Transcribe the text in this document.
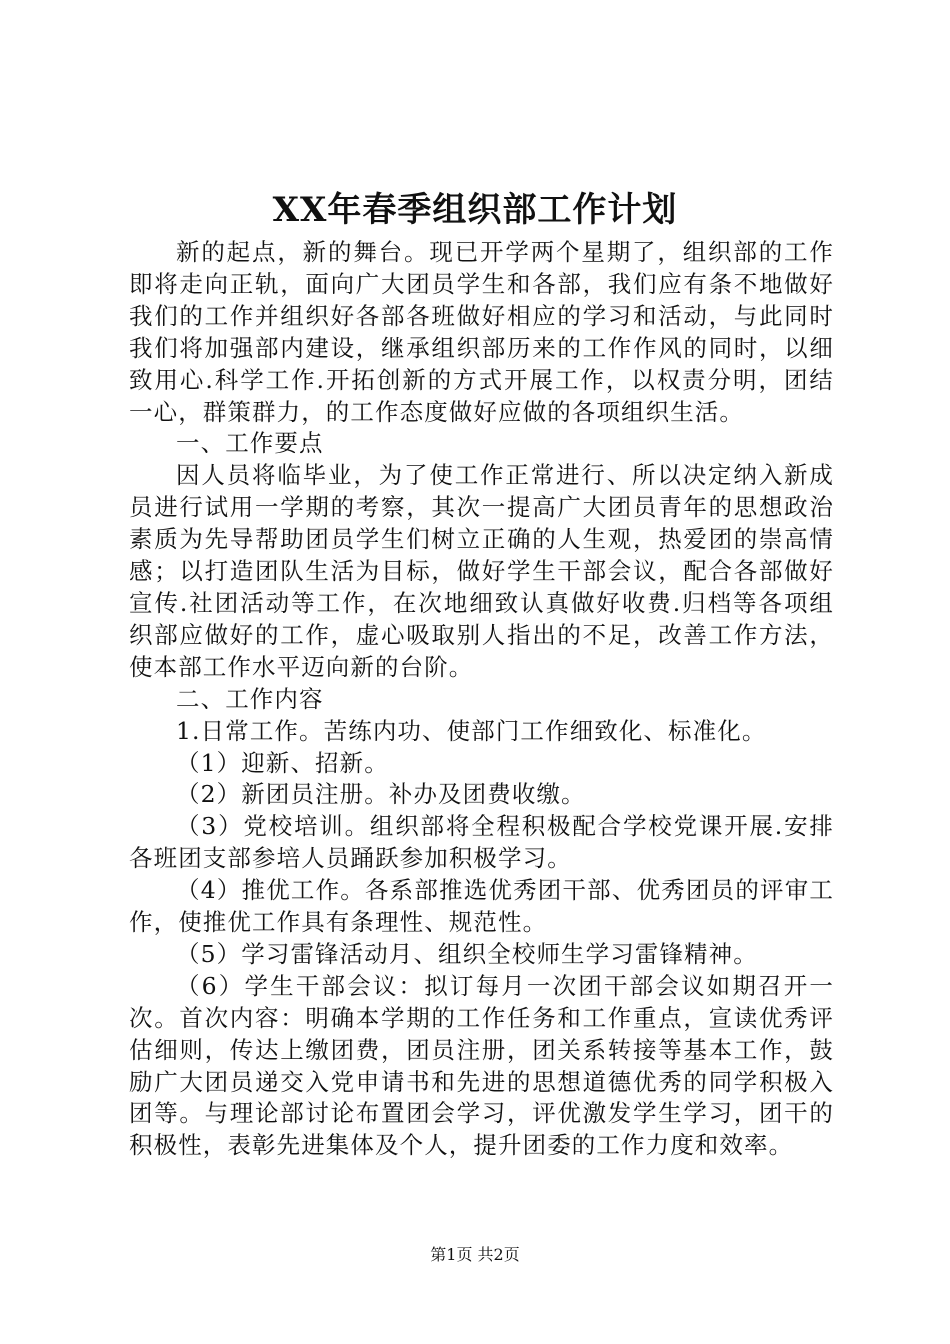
XX年春季组织部工作计划

新的起点，新的舞台。现已开学两个星期了，组织部的工作即将走向正轨，面向广大团员学生和各部，我们应有条不地做好我们的工作并组织好各部各班做好相应的学习和活动，与此同时我们将加强部内建设，继承组织部历来的工作作风的同时，以细致用心.科学工作.开拓创新的方式开展工作，以权责分明，团结一心，群策群力，的工作态度做好应做的各项组织生活。

一、工作要点

因人员将临毕业，为了使工作正常进行、所以决定纳入新成员进行试用一学期的考察，其次一提高广大团员青年的思想政治素质为先导帮助团员学生们树立正确的人生观，热爱团的崇高情感；以打造团队生活为目标，做好学生干部会议，配合各部做好宣传.社团活动等工作，在次地细致认真做好收费.归档等各项组织部应做好的工作，虚心吸取别人指出的不足，改善工作方法，使本部工作水平迈向新的台阶。

二、工作内容

1.日常工作。苦练内功、使部门工作细致化、标准化。

（1）迎新、招新。

（2）新团员注册。补办及团费收缴。

（3）党校培训。组织部将全程积极配合学校党课开展.安排各班团支部参培人员踊跃参加积极学习。

（4）推优工作。各系部推选优秀团干部、优秀团员的评审工作，使推优工作具有条理性、规范性。

（5）学习雷锋活动月、组织全校师生学习雷锋精神。

（6）学生干部会议：拟订每月一次团干部会议如期召开一次。首次内容：明确本学期的工作任务和工作重点，宣读优秀评估细则，传达上缴团费，团员注册，团关系转接等基本工作，鼓励广大团员递交入党申请书和先进的思想道德优秀的同学积极入团等。与理论部讨论布置团会学习，评优激发学生学习，团干的积极性，表彰先进集体及个人，提升团委的工作力度和效率。

第1页 共2页
